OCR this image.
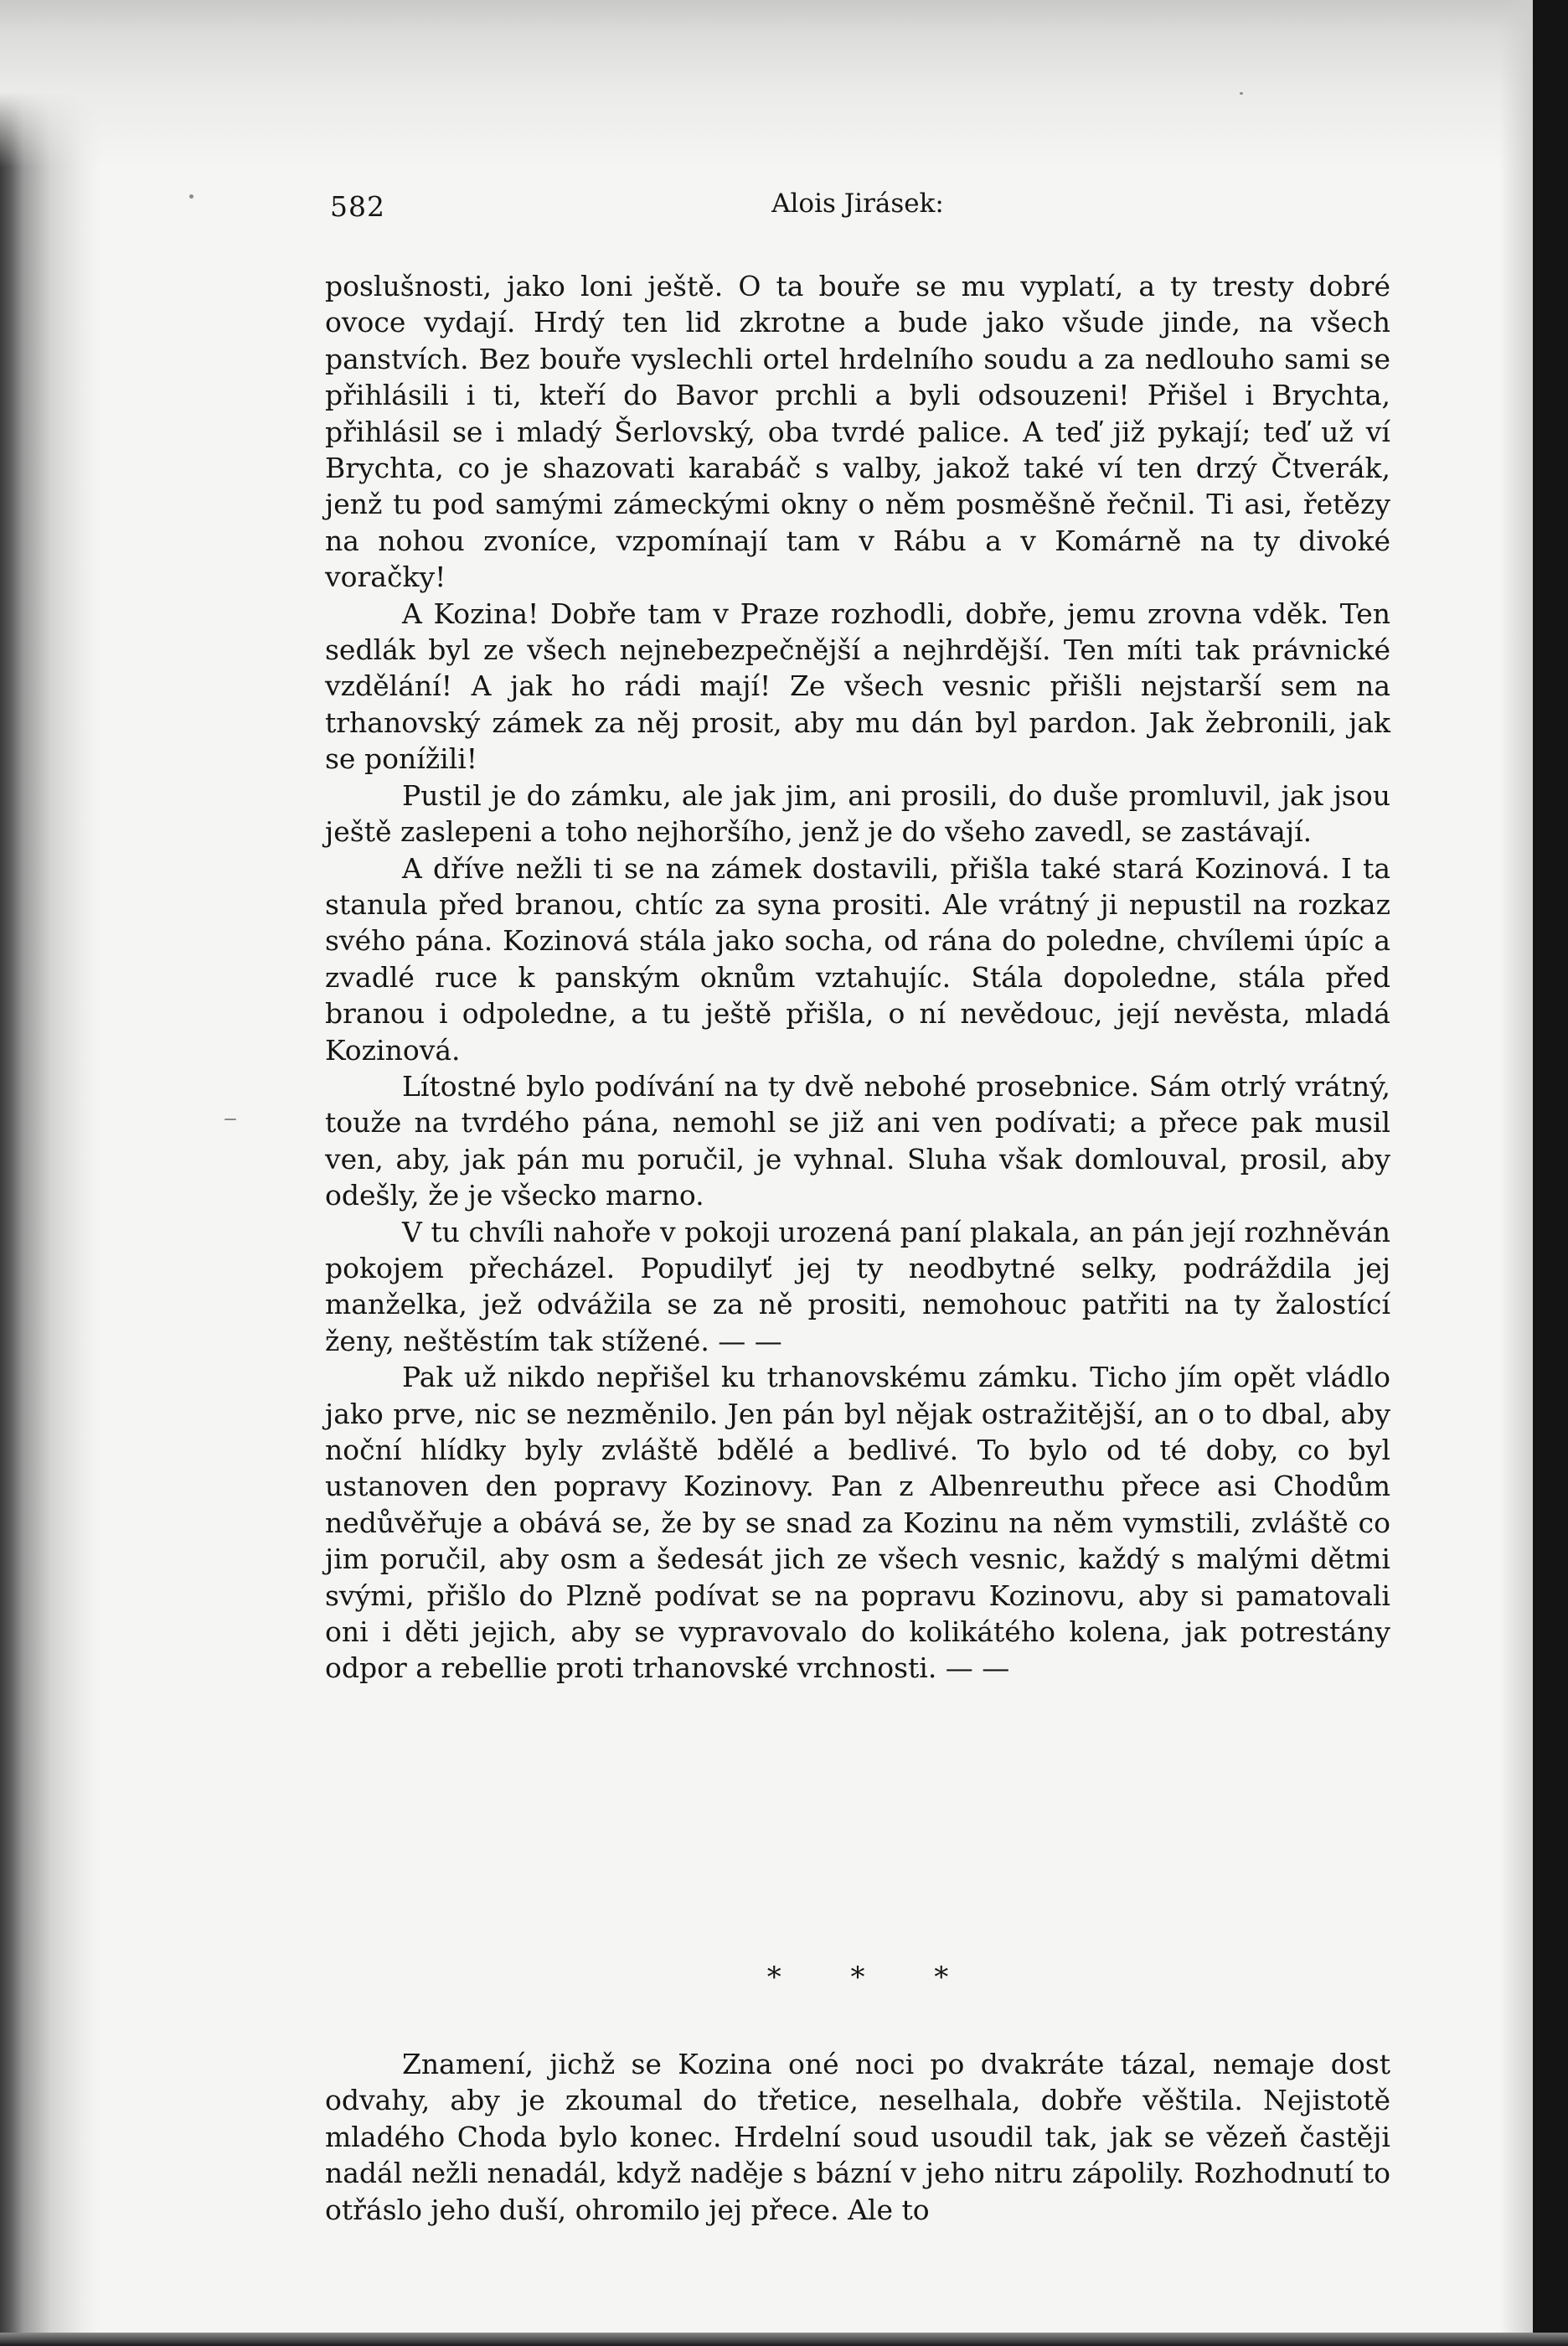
582	Alois Jirásek:

poslušnosti, jako loni ještě. O ta bouře se mu vyplatí, a ty tresty dobré ovoce vydají. Hrdý ten lid zkrotne a bude jako všude jinde, na všech panstvích. Bez bouře vyslechli ortel hrdelního soudu a za nedlouho sami se přihlásili i ti, kteří do Bavor prchli a byli odsouzeni! Přišel i Brychta, přihlásil se i mladý Šerlovský, oba tvrdé palice. A teď již pykají; teď už ví Brychta, co je shazovati karabáč s valby, jakož také ví ten drzý Čtverák, jenž tu pod samými zámeckými okny o něm posměšně řečnil. Ti asi, řetězy na nohou zvoníce, vzpomínají tam v Rábu a v Komárně na ty divoké voračky!

A Kozina! Dobře tam v Praze rozhodli, dobře, jemu zrovna vděk. Ten sedlák byl ze všech nejnebezpečnější a nejhrdější. Ten míti tak právnické vzdělání! A jak ho rádi mají! Ze všech vesnic přišli nejstarší sem na trhanovský zámek za něj prosit, aby mu dán byl pardon. Jak žebronili, jak se ponížili!

Pustil je do zámku, ale jak jim, ani prosili, do duše promluvil, jak jsou ještě zaslepeni a toho nejhoršího, jenž je do všeho zavedl, se zastávají.

A dříve nežli ti se na zámek dostavili, přišla také stará Kozinová. I ta stanula před branou, chtíc za syna prositi. Ale vrátný ji nepustil na rozkaz svého pána. Kozinová stála jako socha, od rána do poledne, chvílemi úpíc a zvadlé ruce k panským oknům vztahujíc. Stála dopoledne, stála před branou i odpoledne, a tu ještě přišla, o ní nevědouc, její nevěsta, mladá Kozinová.

Lítostné bylo podívání na ty dvě nebohé prosebnice. Sám otrlý vrátný, touže na tvrdého pána, nemohl se již ani ven podívati; a přece pak musil ven, aby, jak pán mu poručil, je vyhnal. Sluha však domlouval, prosil, aby odešly, že je všecko marno.

V tu chvíli nahoře v pokoji urozená paní plakala, an pán její rozhněván pokojem přecházel. Popudilyť jej ty neodbytné selky, podráždila jej manželka, jež odvážila se za ně prositi, nemohouc patřiti na ty žalostící ženy, neštěstím tak stížené. — —

Pak už nikdo nepřišel ku trhanovskému zámku. Ticho jím opět vládlo jako prve, nic se nezměnilo. Jen pán byl nějak ostražitější, an o to dbal, aby noční hlídky byly zvláště bdělé a bedlivé. To bylo od té doby, co byl ustanoven den popravy Kozinovy. Pan z Albenreuthu přece asi Chodům nedůvěřuje a obává se, že by se snad za Kozinu na něm vymstili, zvláště co jim poručil, aby osm a šedesát jich ze všech vesnic, každý s malými dětmi svými, přišlo do Plzně podívat se na popravu Kozinovu, aby si pamatovali oni i děti jejich, aby se vypravovalo do kolikátého kolena, jak potrestány odpor a rebellie proti trhanovské vrchnosti. — —

* * *

Znamení, jichž se Kozina oné noci po dvakráte tázal, nemaje dost odvahy, aby je zkoumal do třetice, neselhala, dobře věštila. Nejistotě mladého Choda bylo konec. Hrdelní soud usoudil tak, jak se vězeň častěji nadál nežli nenadál, když naděje s bázní v jeho nitru zápolily. Rozhodnutí to otřáslo jeho duší, ohromilo jej přece. Ale to
